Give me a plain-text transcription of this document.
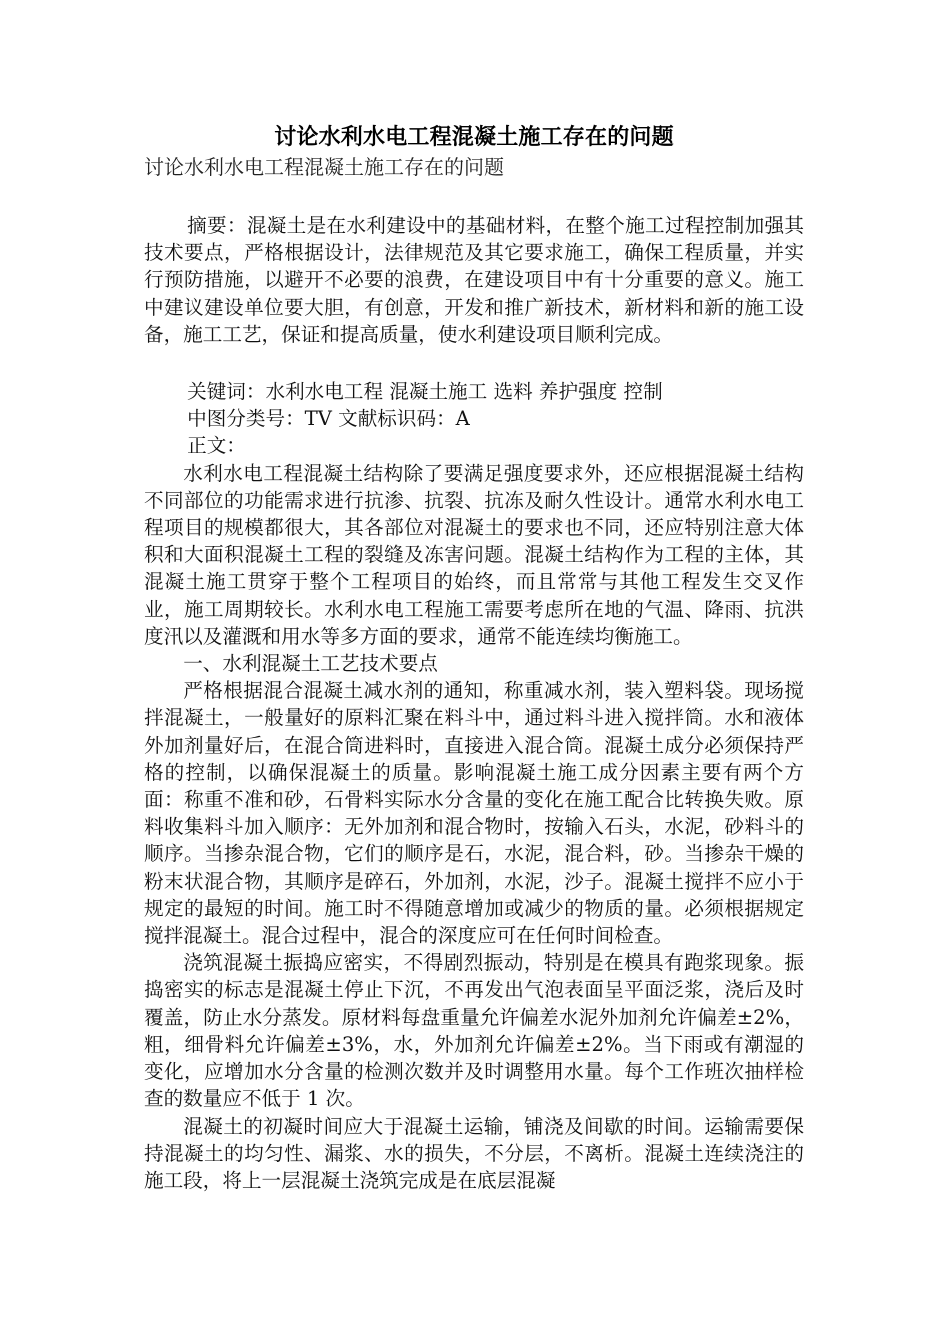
讨论水利水电工程混凝土施工存在的问题

讨论水利水电工程混凝土施工存在的问题

摘要：混凝土是在水利建设中的基础材料，在整个施工过程控制加强其技术要点，严格根据设计，法律规范及其它要求施工，确保工程质量，并实行预防措施，以避开不必要的浪费，在建设项目中有十分重要的意义。施工中建议建设单位要大胆，有创意，开发和推广新技术，新材料和新的施工设备，施工工艺，保证和提高质量，使水利建设项目顺利完成。

关键词：水利水电工程 混凝土施工 选料 养护强度 控制

中图分类号：TV 文献标识码：A

正文：

水利水电工程混凝土结构除了要满足强度要求外，还应根据混凝土结构不同部位的功能需求进行抗渗、抗裂、抗冻及耐久性设计。通常水利水电工程项目的规模都很大，其各部位对混凝土的要求也不同，还应特别注意大体积和大面积混凝土工程的裂缝及冻害问题。混凝土结构作为工程的主体，其混凝土施工贯穿于整个工程项目的始终，而且常常与其他工程发生交叉作业，施工周期较长。水利水电工程施工需要考虑所在地的气温、降雨、抗洪度汛以及灌溉和用水等多方面的要求，通常不能连续均衡施工。

一、水利混凝土工艺技术要点

严格根据混合混凝土减水剂的通知，称重减水剂，装入塑料袋。现场搅拌混凝土，一般量好的原料汇聚在料斗中，通过料斗进入搅拌筒。水和液体外加剂量好后，在混合筒进料时，直接进入混合筒。混凝土成分必须保持严格的控制，以确保混凝土的质量。影响混凝土施工成分因素主要有两个方面：称重不准和砂，石骨料实际水分含量的变化在施工配合比转换失败。原料收集料斗加入顺序：无外加剂和混合物时，按输入石头，水泥，砂料斗的顺序。当掺杂混合物，它们的顺序是石，水泥，混合料，砂。当掺杂干燥的粉末状混合物，其顺序是碎石，外加剂，水泥，沙子。混凝土搅拌不应小于规定的最短的时间。施工时不得随意增加或减少的物质的量。必须根据规定搅拌混凝土。混合过程中，混合的深度应可在任何时间检查。

浇筑混凝土振捣应密实，不得剧烈振动，特别是在模具有跑浆现象。振捣密实的标志是混凝土停止下沉，不再发出气泡表面呈平面泛浆，浇后及时覆盖，防止水分蒸发。原材料每盘重量允许偏差水泥外加剂允许偏差±2%，粗，细骨料允许偏差±3%，水，外加剂允许偏差±2%。当下雨或有潮湿的变化，应增加水分含量的检测次数并及时调整用水量。每个工作班次抽样检查的数量应不低于 1 次。

混凝土的初凝时间应大于混凝土运输，铺浇及间歇的时间。运输需要保持混凝土的均匀性、漏浆、水的损失，不分层，不离析。混凝土连续浇注的施工段，将上一层混凝土浇筑完成是在底层混凝
